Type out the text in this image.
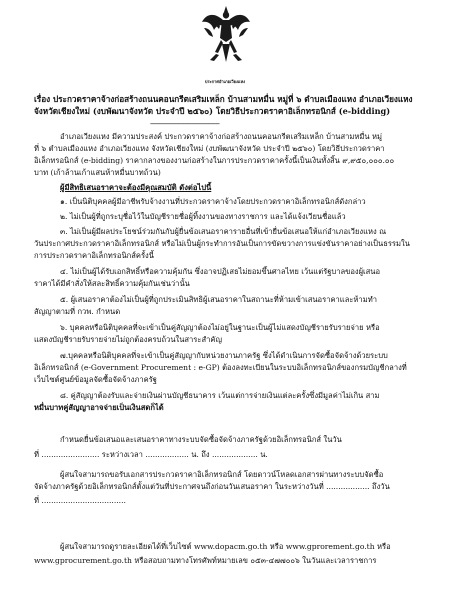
ประกาศอำเภอเวียงแหง
เรื่อง ประกวดราคาจ้างก่อสร้างถนนคอนกรีตเสริมเหล็ก บ้านสามหมื่น หมู่ที่ ๖ ตำบลเมืองแหง อำเภอเวียงแหง
จังหวัดเชียงใหม่ (งบพัฒนาจังหวัด ประจำปี ๒๕๖๐) โดยวิธีประกวดราคาอิเล็กทรอนิกส์ (e-bidding)
--------------------------------------------
อำเภอเวียงแหง มีความประสงค์ ประกวดราคาจ้างก่อสร้างถนนคอนกรีตเสริมเหล็ก บ้านสามหมื่น หมู่
ที่ ๖ ตำบลเมืองแหง อำเภอเวียงแหง จังหวัดเชียงใหม่ (งบพัฒนาจังหวัด ประจำปี ๒๕๖๐) โดยวิธีประกวดราคา
อิเล็กทรอนิกส์ (e-bidding) ราคากลางของงานก่อสร้างในการประกวดราคาครั้งนี้เป็นเงินทั้งสิ้น ๙,๙๕๐,๐๐๐.๐๐
บาท (เก้าล้านเก้าแสนห้าหมื่นบาทถ้วน)
ผู้มีสิทธิเสนอราคาจะต้องมีคุณสมบัติ ดังต่อไปนี้
๑. เป็นนิติบุคคลผู้มีอาชีพรับจ้างงานที่ประกวดราคาจ้างโดยประกวดราคาอิเล็กทรอนิกส์ดังกล่าว
๒. ไม่เป็นผู้ที่ถูกระบุชื่อไว้ในบัญชีรายชื่อผู้ทิ้งงานของทางราชการ และได้แจ้งเวียนชื่อแล้ว
๓. ไม่เป็นผู้มีผลประโยชน์ร่วมกันกับผู้ยื่นข้อเสนอราคารายอื่นที่เข้ายื่นข้อเสนอให้แก่อำเภอเวียงแหง ณ
วันประกาศประกวดราคาอิเล็กทรอนิกส์ หรือไม่เป็นผู้กระทำการอันเป็นการขัดขวางการแข่งขันราคาอย่างเป็นธรรมใน
การประกวดราคาอิเล็กทรอนิกส์ครั้งนี้
๔. ไม่เป็นผู้ได้รับเอกสิทธิ์หรือความคุ้มกัน ซึ่งอาจปฏิเสธไม่ยอมขึ้นศาลไทย เว้นแต่รัฐบาลของผู้เสนอ
ราคาได้มีคำสั่งให้สละสิทธิ์ความคุ้มกันเช่นว่านั้น
๕. ผู้เสนอราคาต้องไม่เป็นผู้ที่ถูกประเมินสิทธิผู้เสนอราคาในสถานะที่ห้ามเข้าเสนอราคาและห้ามทำ
สัญญาตามที่ กวพ. กำหนด
๖. บุคคลหรือนิติบุคคลที่จะเข้าเป็นคู่สัญญาต้องไม่อยู่ในฐานะเป็นผู้ไม่แสดงบัญชีรายรับรายจ่าย หรือ
แสดงบัญชีรายรับรายจ่ายไม่ถูกต้องครบถ้วนในสาระสำคัญ
๗.บุคคลหรือนิติบุคคลที่จะเข้าเป็นคู่สัญญากับหน่วยงานภาครัฐ ซึ่งได้ดำเนินการจัดซื้อจัดจ้างด้วยระบบ
อิเล็กทรอนิกส์ (e-Government Procurement : e-GP) ต้องลงทะเบียนในระบบอิเล็กทรอนิกส์ของกรมบัญชีกลางที่
เว็บไซต์ศูนย์ข้อมูลจัดซื้อจัดจ้างภาครัฐ
๘. คู่สัญญาต้องรับและจ่ายเงินผ่านบัญชีธนาคาร เว้นแต่การจ่ายเงินแต่ละครั้งซึ่งมีมูลค่าไม่เกิน สาม
หมื่นบาทคู่สัญญาอาจจ่ายเป็นเงินสดก็ได้
กำหนดยื่นข้อเสนอและเสนอราคาทางระบบจัดซื้อจัดจ้างภาครัฐด้วยอิเล็กทรอนิกส์ ในวัน
ที่ ........................ ระหว่างเวลา .................. น. ถึง ................... น.
ผู้สนใจสามารถขอรับเอกสารประกวดราคาอิเล็กทรอนิกส์ โดยดาวน์โหลดเอกสารผ่านทางระบบจัดซื้อ
จัดจ้างภาครัฐด้วยอิเล็กทรอนิกส์ตั้งแต่วันที่ประกาศจนถึงก่อนวันเสนอราคา ในระหว่างวันที่ .................. ถึงวัน
ที่ ...................................
ผู้สนใจสามารถดูรายละเอียดได้ที่เว็บไซต์ www.dopacm.go.th หรือ www.gprorement.go.th หรือ
www.gprocurement.go.th หรือสอบถามทางโทรศัพท์หมายเลข ๐๕๓-๔๗๗๐๐๖ ในวันและเวลาราชการ
